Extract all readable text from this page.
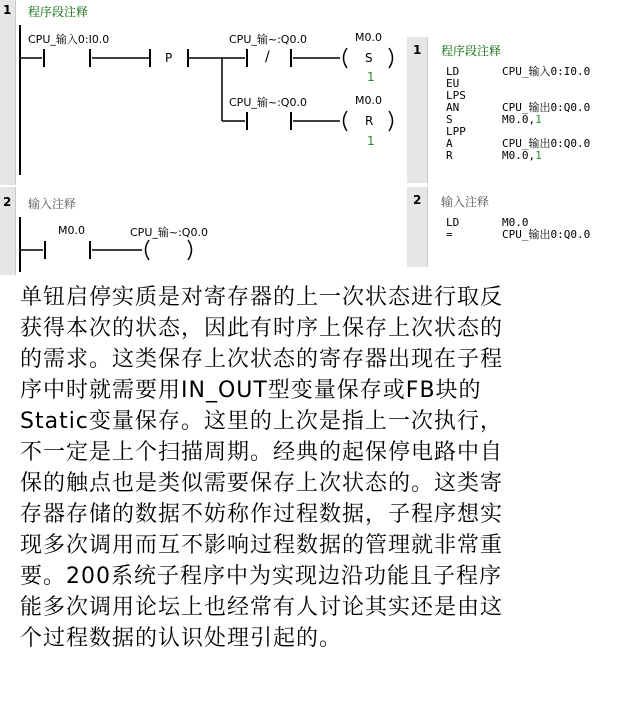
1 程序段注释
CPU_输入0:I0.0	CPU_输~:Q0.0	M0.0
CPU_输~:Q0.0	M0.0
1
1
P	/	S
R
2 输入注释
M0.0	CPU_输~:Q0.0
1 程序段注释
LD	CPU_输入0:I0.0
EU
LPS
AN	CPU_输出0:Q0.0
S	M0.0, 1
LPP
A	CPU_输出0:Q0.0
R	M0.0, 1
2 输入注释
LD	M0.0
=	CPU_输出0:Q0.0
单钮启停实质是对寄存器的上一次状态进行取反
获得本次的状态，因此有时序上保存上次状态的
的需求。这类保存上次状态的寄存器出现在子程
序中时就需要用IN_OUT型变量保存或FB块的
Static变量保存。这里的上次是指上一次执行，
不一定是上个扫描周期。经典的起保停电路中自
保的触点也是类似需要保存上次状态的。这类寄
存器存储的数据不妨称作过程数据，子程序想实
现多次调用而互不影响过程数据的管理就非常重
要。200系统子程序中为实现边沿功能且子程序
能多次调用论坛上也经常有人讨论其实还是由这
个过程数据的认识处理引起的。
